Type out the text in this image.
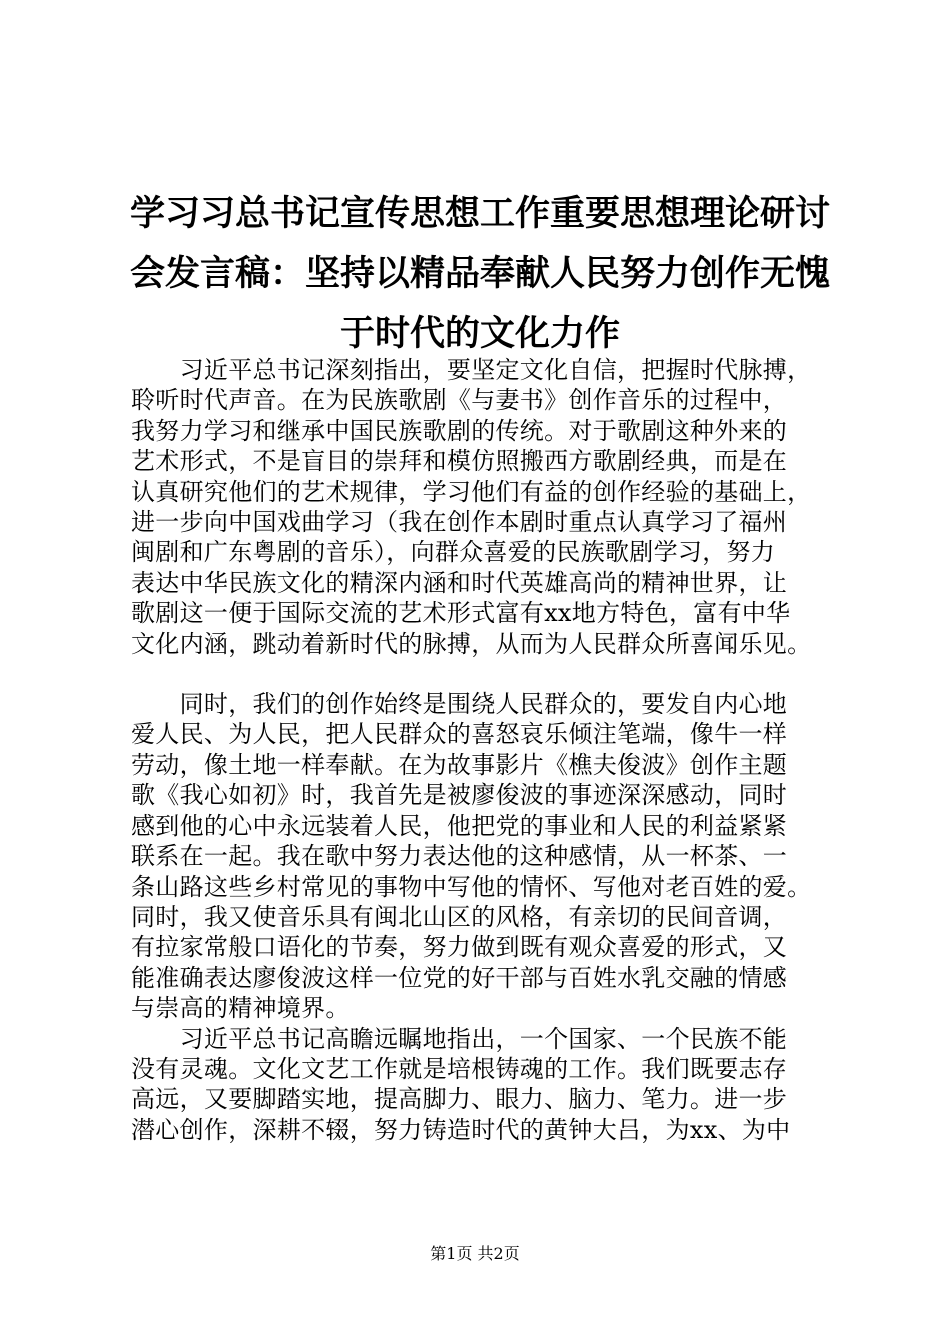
学习习总书记宣传思想工作重要思想理论研讨
会发言稿：坚持以精品奉献人民努力创作无愧
于时代的文化力作

　　习近平总书记深刻指出，要坚定文化自信，把握时代脉搏，
聆听时代声音。在为民族歌剧《与妻书》创作音乐的过程中，
我努力学习和继承中国民族歌剧的传统。对于歌剧这种外来的
艺术形式，不是盲目的崇拜和模仿照搬西方歌剧经典，而是在
认真研究他们的艺术规律，学习他们有益的创作经验的基础上，
进一步向中国戏曲学习（我在创作本剧时重点认真学习了福州
闽剧和广东粤剧的音乐），向群众喜爱的民族歌剧学习，努力
表达中华民族文化的精深内涵和时代英雄高尚的精神世界，让
歌剧这一便于国际交流的艺术形式富有xx地方特色，富有中华
文化内涵，跳动着新时代的脉搏，从而为人民群众所喜闻乐见。

　　同时，我们的创作始终是围绕人民群众的，要发自内心地
爱人民、为人民，把人民群众的喜怒哀乐倾注笔端，像牛一样
劳动，像土地一样奉献。在为故事影片《樵夫俊波》创作主题
歌《我心如初》时，我首先是被廖俊波的事迹深深感动，同时
感到他的心中永远装着人民，他把党的事业和人民的利益紧紧
联系在一起。我在歌中努力表达他的这种感情，从一杯茶、一
条山路这些乡村常见的事物中写他的情怀、写他对老百姓的爱。
同时，我又使音乐具有闽北山区的风格，有亲切的民间音调，
有拉家常般口语化的节奏，努力做到既有观众喜爱的形式，又
能准确表达廖俊波这样一位党的好干部与百姓水乳交融的情感
与崇高的精神境界。

　　习近平总书记高瞻远瞩地指出，一个国家、一个民族不能
没有灵魂。文化文艺工作就是培根铸魂的工作。我们既要志存
高远，又要脚踏实地，提高脚力、眼力、脑力、笔力。进一步
潜心创作，深耕不辍，努力铸造时代的黄钟大吕，为xx、为中

第1页 共2页
